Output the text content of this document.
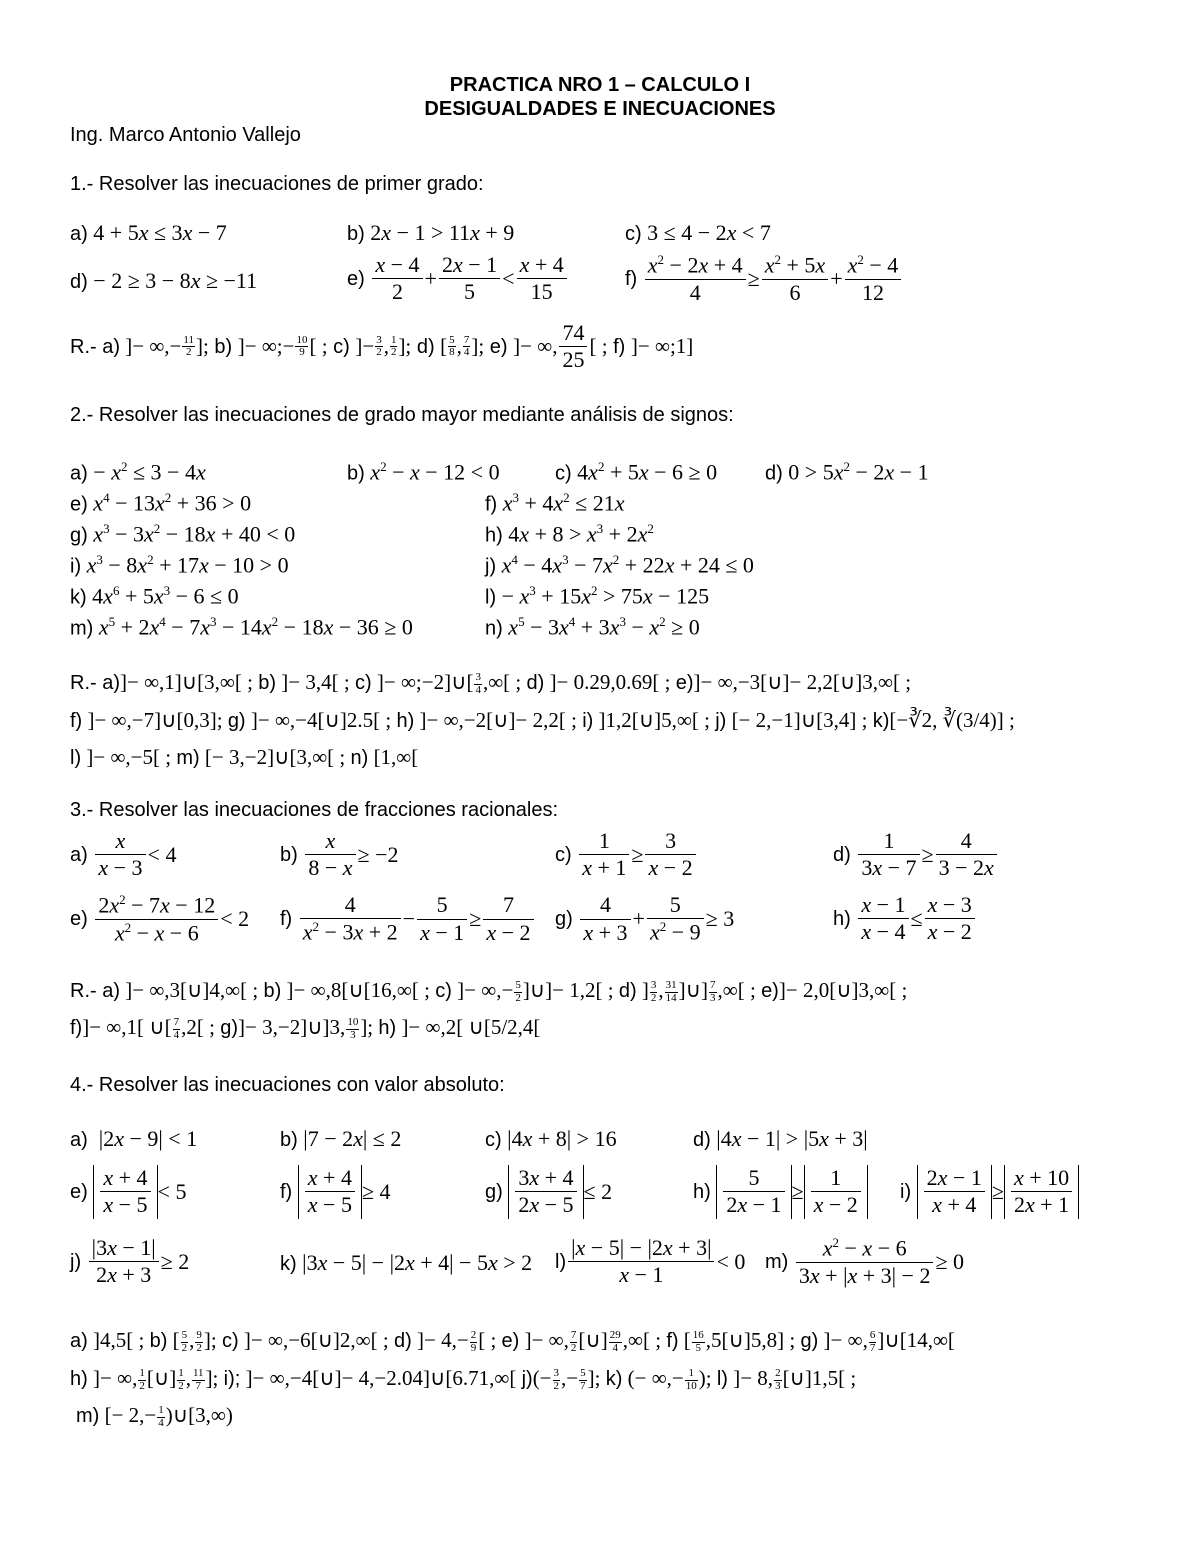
PRACTICA NRO 1 – CALCULO I
DESIGUALDADES E INECUACIONES
Ing. Marco Antonio Vallejo
1.- Resolver las inecuaciones de primer grado:
a) 4 + 5x ≤ 3x − 7	b) 2x − 1 > 11x + 9	c) 3 ≤ 4 − 2x < 7
d) − 2 ≥ 3 − 8x ≥ −11	$e) \frac{x - 4}{2} + \frac{2x - 1}{5} < \frac{x + 4}{15}$	$f) \frac{x^2 - 2x + 4}{4} \ge \frac{x^2 + 5x}{6} + \frac{x^2 - 4}{12}$
R.- a) ]− ∞,− 11
2 ]; b) ]− ∞;− 10
9 [ ; c) ]− 3
2 , 1
2 ]; d) [ 5
8 , 7
4 ]; e) ]− ∞, $\frac{74}{25}$ [ ; f) ]− ∞;1]
2.- Resolver las inecuaciones de grado mayor mediante análisis de signos:
$a) - x^2 \le 3 - 4x$	b) $x^2 - x - 12 < 0$	c) $4x^2 + 5x - 6 \ge 0$ d) $0 > 5x^2 - 2x - 1$
e) $x^4 - 13x^2 + 36 > 0$	f) $x^3 + 4x^2 \le 21x$
g) $x^3 - 3x^2 - 18x + 40 < 0$	h) $4x + 8 > x^3 + 2x^2$
i) $x^3 - 8x^2 + 17x - 10 > 0$	j) $x^4 - 4x^3 - 7x^2 + 22x + 24 \le 0$
k) $4x^6 + 5x^3 - 6 \le 0$	$l) - x^3 + 15x^2 > 75x - 125$
m) $x^5 + 2x^4 - 7x^3 - 14x^2 - 18x - 36 \ge 0$	n) $x^5 - 3x^4 + 3x^3 - x^2 \ge 0$
R.- a)]− ∞,1]∪[3,∞[ ; b) ]− 3,4[ ; c) ]− ∞;−2]∪[ $\frac{3}{4}$ ,∞[ ; d) ]− 0.29,0.69[ ; e)]− ∞,−3[∪]− 2,2[∪]3,∞[ ;
f) ]− ∞,−7]∪[0,3]; g) ]− ∞,−4[∪]2.5[ ; h) ]− ∞,−2[∪]− 2,2[ ; i) ]1,2[∪]5,∞[ ; j) [− 2,−1]∪[3,4] ; k)[−∛2, ∛(3/4)] ;
l) ]− ∞,−5[ ; m) [− 3,−2]∪[3,∞[ ; n) [1,∞[
3.- Resolver las inecuaciones de fracciones racionales:
$a) \frac{x}{x - 3} < 4$	$b) \frac{x}{8 - x} \ge -2$	$c) \frac{1}{x + 1} \ge \frac{3}{x - 2}$	$d) \frac{1}{3x - 7} \ge \frac{4}{3 - 2x}$
$e) \frac{2x^2 - 7x - 12}{x^2 - x - 6} < 2$ $f) \frac{4}{x^2 - 3x + 2} - \frac{5}{x - 1} \ge \frac{7}{x - 2} g) \frac{4}{x + 3} + \frac{5}{x^2 - 9} \ge 3$	$h) \frac{x - 1}{x - 4} \le \frac{x - 3}{x - 2}$
R.- a) ]− ∞,3[∪]4,∞[ ; b) ]− ∞,8[∪[16,∞[ ; c) ]− ∞,− $\frac{5}{2}$ ]∪]− 1,2[ ; d) ] $\frac{3}{2}$ , $\frac{31}{14}$ ]∪] $\frac{7}{3}$ ,∞[ ; e)]− 2,0[∪]3,∞[ ;
f)]− ∞,1[ ∪[ $\frac{7}{4} ,2$[ ; g)]− 3,−2]∪]3, $\frac{10}{3}$ ]; h) ]− ∞,2[ ∪[5/2,4[
4.- Resolver las inecuaciones con valor absoluto:
a)  |2x − 9| < 1	b) |7 − 2x| ≤ 2	c) |4x + 8| > 16	d) |4x − 1| > |5x + 3|
$e) \frac{x + 4}{x - 5} < 5$	$f) \frac{x + 4}{x - 5} \ge 4$	$g) \frac{3x + 4}{2x - 5} \le 2$	$h) \frac{5}{2x - 1} \ge \frac{1}{x - 2} i) \frac{2x - 1}{x + 4} \ge \frac{x + 10}{2x + 1}$
$j) \frac{|3x - 1|}{2x + 3} \ge 2$	k) |3x − 5| − |2x + 4| − 5x > 2 $l) \frac{|x - 5| - |2x + 3|}{x - 1} < 0$ $m) \frac{x^2 - x - 6}{3x + |x + 3| - 2} \ge 0$
a) ]4,5[ ; b) [ $\frac{5}{2}$ , $\frac{9}{2}$ ]; c) ]− ∞,−6[∪]2,∞[ ; d) ]− $4,- \frac{2}{9}$ [ ; e) ]− ∞, $\frac{7}{2}$ [∪] $\frac{29}{4}$ ,∞[ ; f) [ $\frac{16}{5}$ ,5[∪]5,8] ; g) ]− ∞, $\frac{6}{7}$ ]∪[14,∞[
h) ]− ∞, $\frac{1}{2}$ [∪] $\frac{1}{2}$ , $\frac{11}{7}$ ]; i); ]− ∞,−4[∪]− 4,−2.04]∪[6.71,∞[ $j)(- \frac{3}{2}$ ,− $\frac{5}{7}$ ]; k) (− ∞,− $\frac{1}{10}$ ); l) ]− 8, $\frac{2}{3}$ [∪]1,5[ ;
m) [− $2,- \frac{1}{4}$ )∪[3,∞)
